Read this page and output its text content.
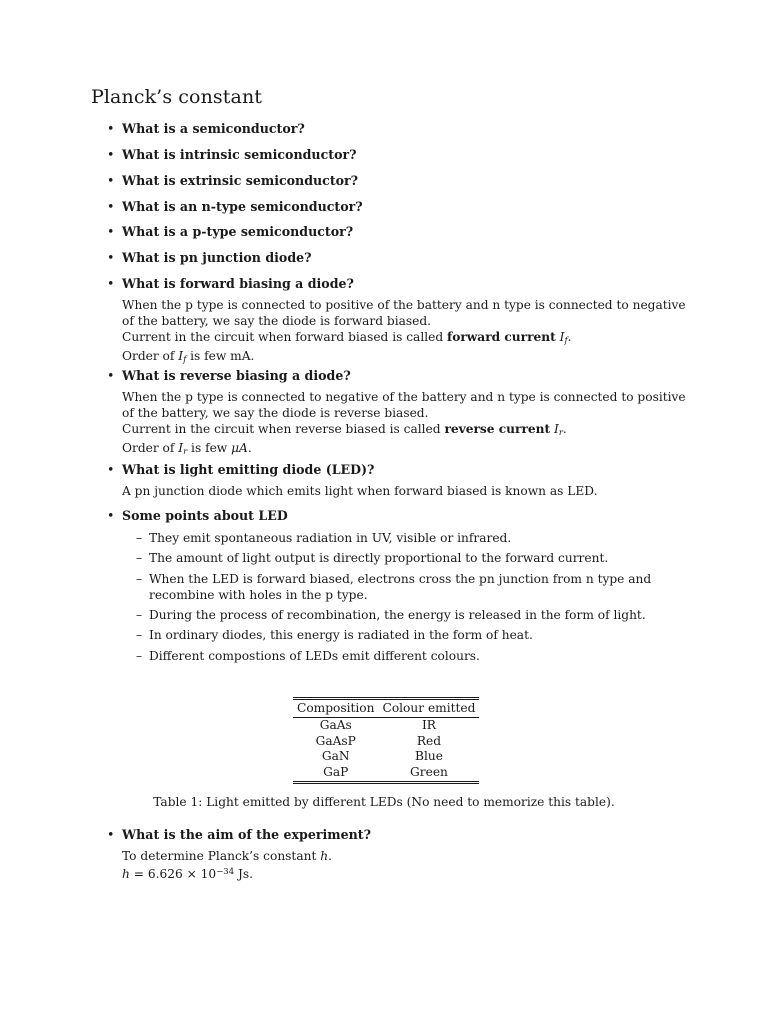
Planck’s constant
• What is a semiconductor?
• What is intrinsic semiconductor?
• What is extrinsic semiconductor?
• What is an n-type semiconductor?
• What is a p-type semiconductor?
• What is pn junction diode?
• What is forward biasing a diode?

When the p type is connected to positive of the battery and n type is connected to negative of the battery, we say the diode is forward biased.

Current in the circuit when forward biased is called forward current $I_f$.

Order of $I_f$ is few mA.

• What is reverse biasing a diode?

When the p type is connected to negative of the battery and n type is connected to positive of the battery, we say the diode is reverse biased.

Current in the circuit when reverse biased is called reverse current $I_r$.

Order of $I_r$ is few μA.

• What is light emitting diode (LED)?

A pn junction diode which emits light when forward biased is known as LED.

• Some points about LED
– They emit spontaneous radiation in UV, visible or infrared.
– The amount of light output is directly proportional to the forward current.
– When the LED is forward biased, electrons cross the pn junction from n type and recombine with holes in the p type.
– During the process of recombination, the energy is released in the form of light.
– In ordinary diodes, this energy is radiated in the form of heat.
– Different compostions of LEDs emit different colours.
Composition	Colour emitted
GaAs	IR
GaAsP	Red
GaN	Blue
GaP	Green
Table 1: Light emitted by different LEDs (No need to memorize this table).
• What is the aim of the experiment?

To determine Planck’s constant h.

$h = 6.626 \times 10^{-34}$ Js.
